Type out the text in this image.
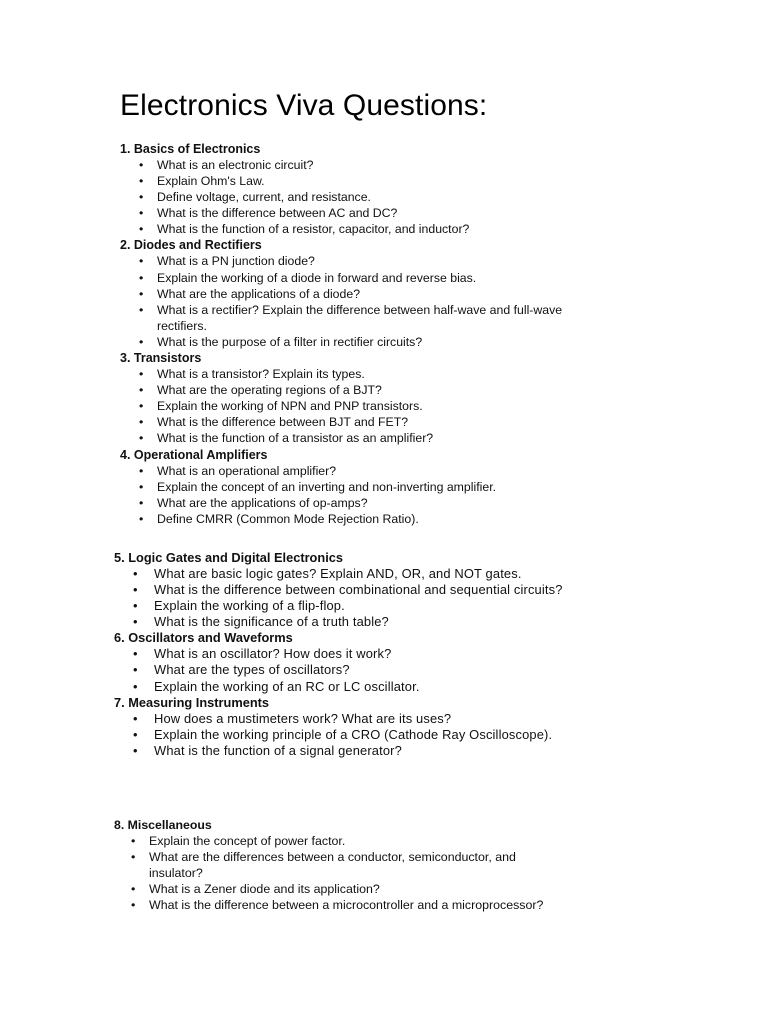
Electronics Viva Questions:
1. Basics of Electronics
• What is an electronic circuit?
• Explain Ohm's Law.
• Define voltage, current, and resistance.
• What is the difference between AC and DC?
• What is the function of a resistor, capacitor, and inductor?
2. Diodes and Rectifiers
• What is a PN junction diode?
• Explain the working of a diode in forward and reverse bias.
• What are the applications of a diode?
• What is a rectifier? Explain the difference between half-wave and full-wave rectifiers.
• What is the purpose of a filter in rectifier circuits?
3. Transistors
• What is a transistor? Explain its types.
• What are the operating regions of a BJT?
• Explain the working of NPN and PNP transistors.
• What is the difference between BJT and FET?
• What is the function of a transistor as an amplifier?
4. Operational Amplifiers
• What is an operational amplifier?
• Explain the concept of an inverting and non-inverting amplifier.
• What are the applications of op-amps?
• Define CMRR (Common Mode Rejection Ratio).
5. Logic Gates and Digital Electronics
• What are basic logic gates? Explain AND, OR, and NOT gates.
• What is the difference between combinational and sequential circuits?
• Explain the working of a flip-flop.
• What is the significance of a truth table?
6. Oscillators and Waveforms
• What is an oscillator? How does it work?
• What are the types of oscillators?
• Explain the working of an RC or LC oscillator.
7. Measuring Instruments
• How does a mustimeters work? What are its uses?
• Explain the working principle of a CRO (Cathode Ray Oscilloscope).
• What is the function of a signal generator?
8. Miscellaneous
• Explain the concept of power factor.
• What are the differences between a conductor, semiconductor, and insulator?
• What is a Zener diode and its application?
• What is the difference between a microcontroller and a microprocessor?
